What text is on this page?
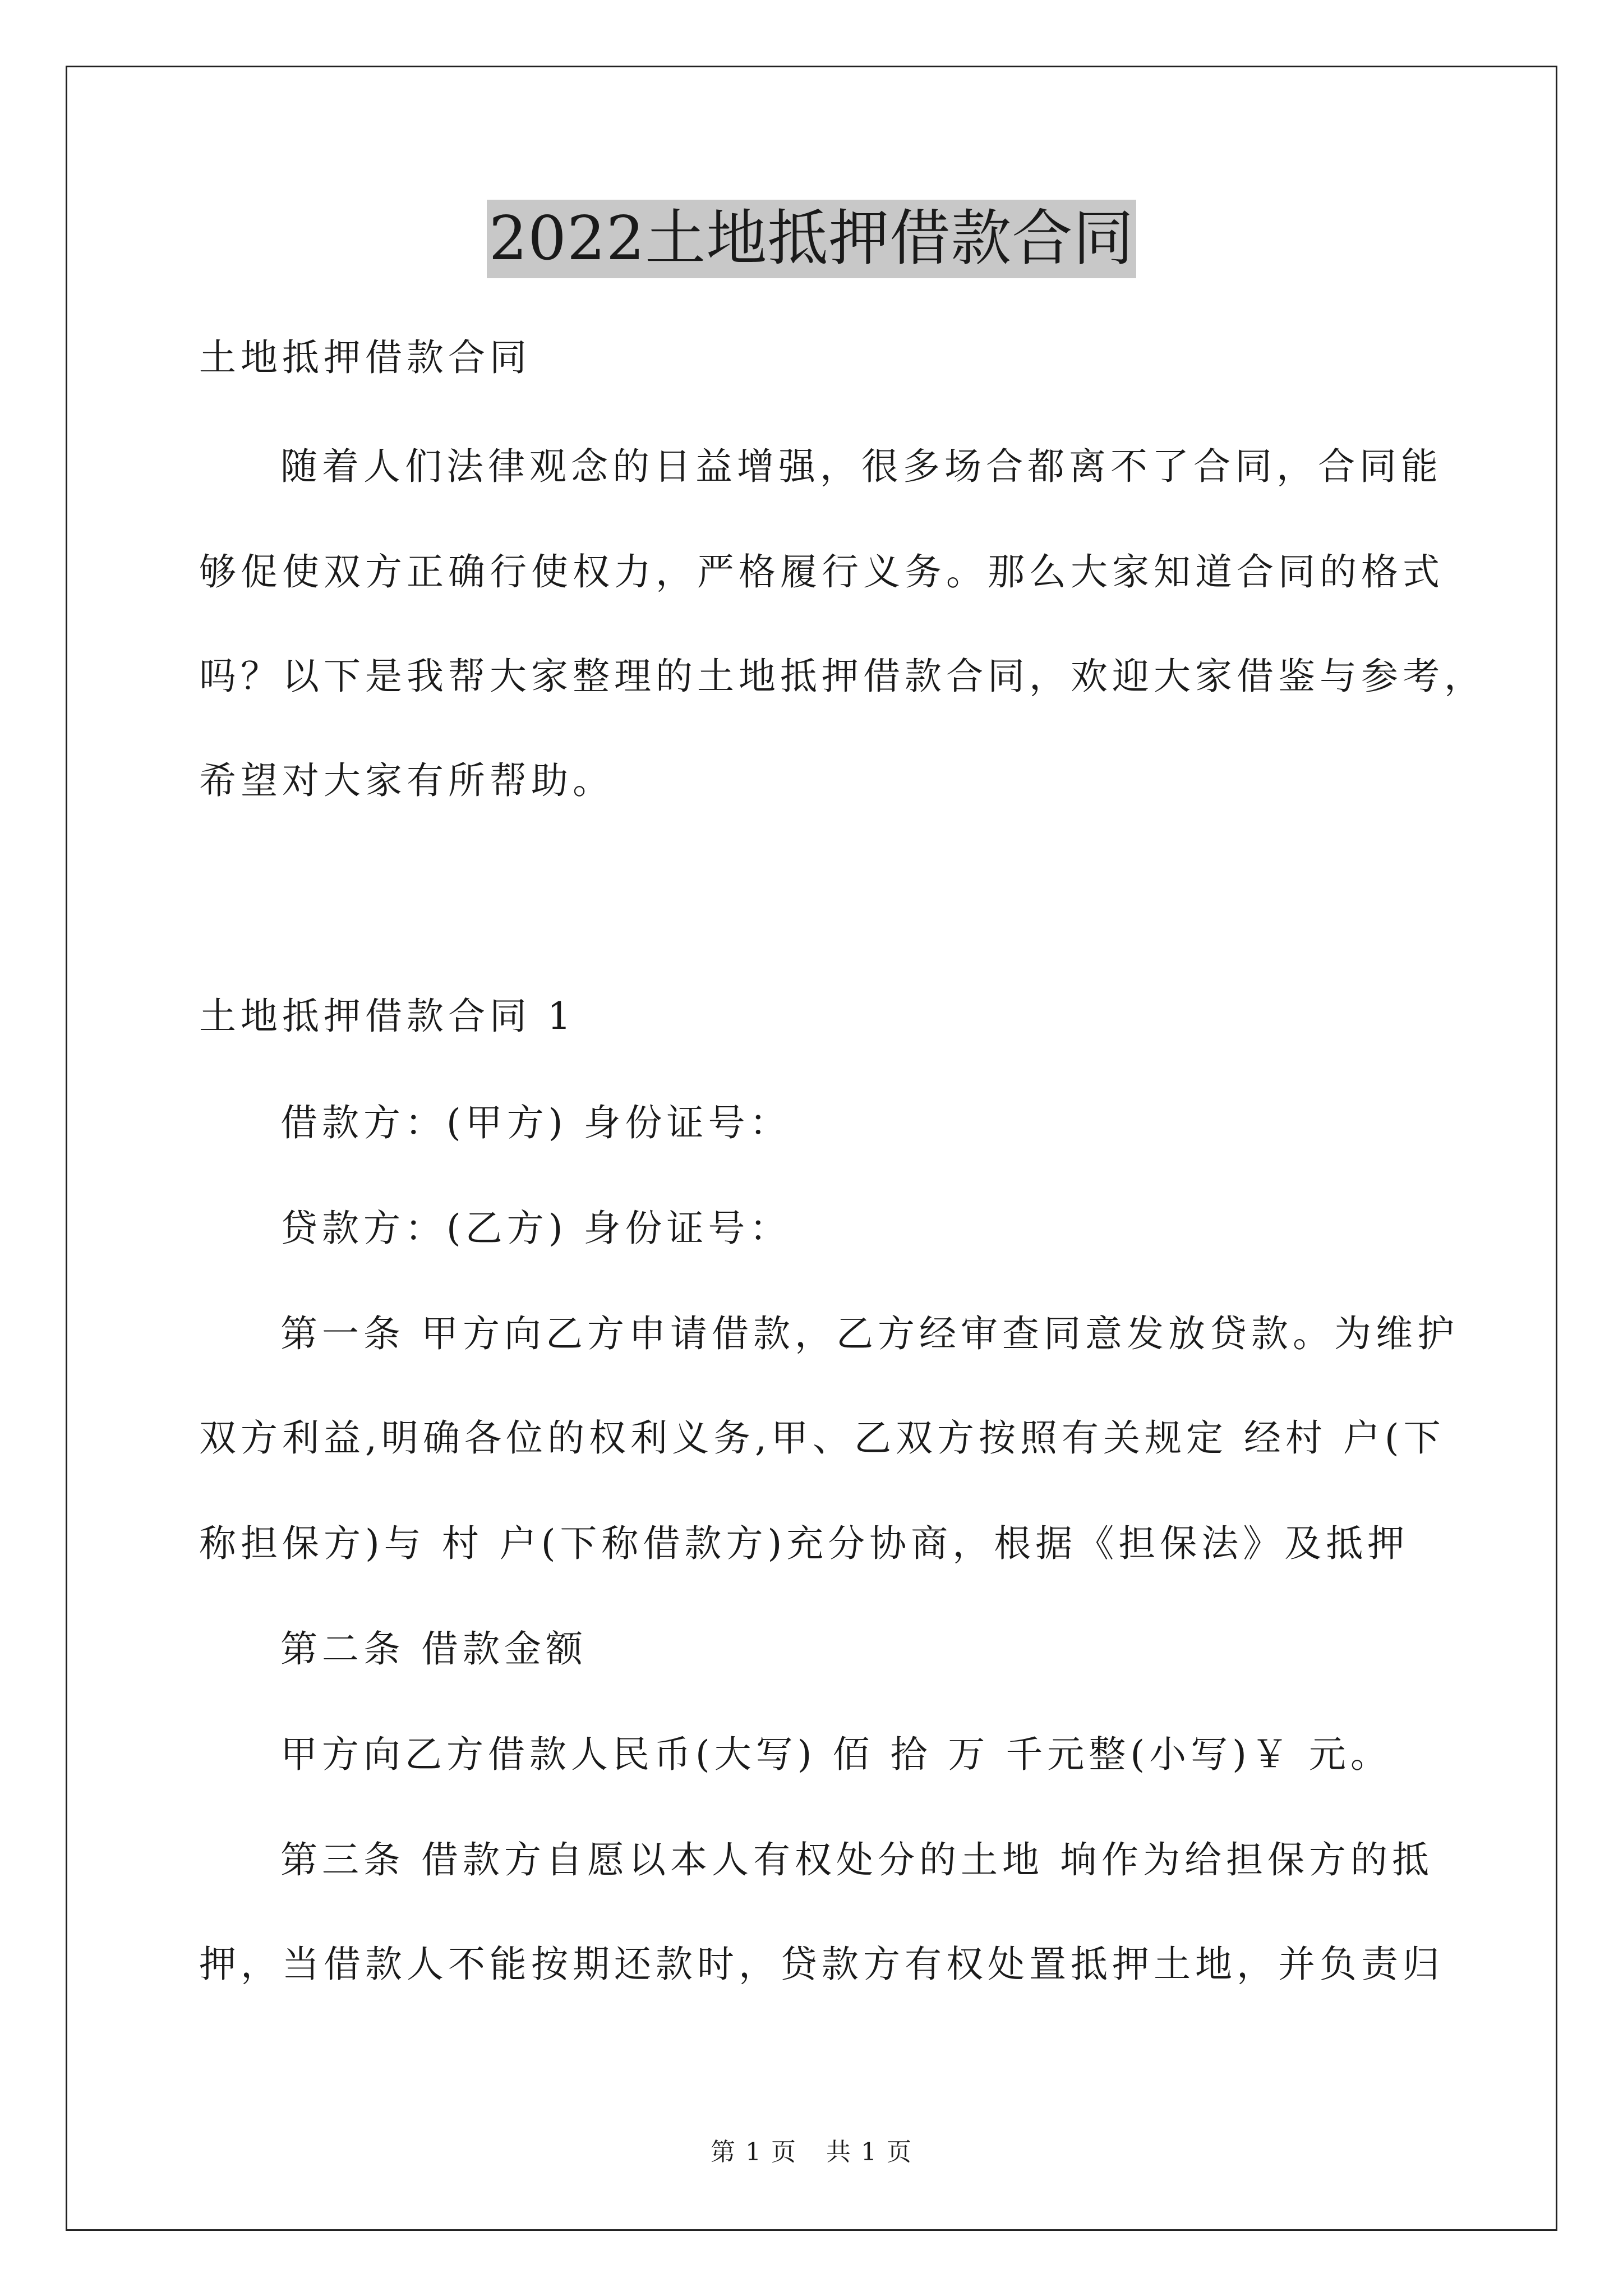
2022土地抵押借款合同
土地抵押借款合同
随着人们法律观念的日益增强，很多场合都离不了合同，合同能
够促使双方正确行使权力，严格履行义务。那么大家知道合同的格式
吗？以下是我帮大家整理的土地抵押借款合同，欢迎大家借鉴与参考，
希望对大家有所帮助。
土地抵押借款合同 1
借款方：(甲方) 身份证号：
贷款方：(乙方) 身份证号：
第一条 甲方向乙方申请借款，乙方经审查同意发放贷款。为维护
双方利益,明确各位的权利义务,甲、乙双方按照有关规定 经村 户(下
称担保方)与 村 户(下称借款方)充分协商，根据《担保法》及抵押
第二条 借款金额
甲方向乙方借款人民币(大写) 佰 拾 万 千元整(小写)￥ 元。
第三条 借款方自愿以本人有权处分的土地 垧作为给担保方的抵
押，当借款人不能按期还款时，贷款方有权处置抵押土地，并负责归
第 1 页 共 1 页
